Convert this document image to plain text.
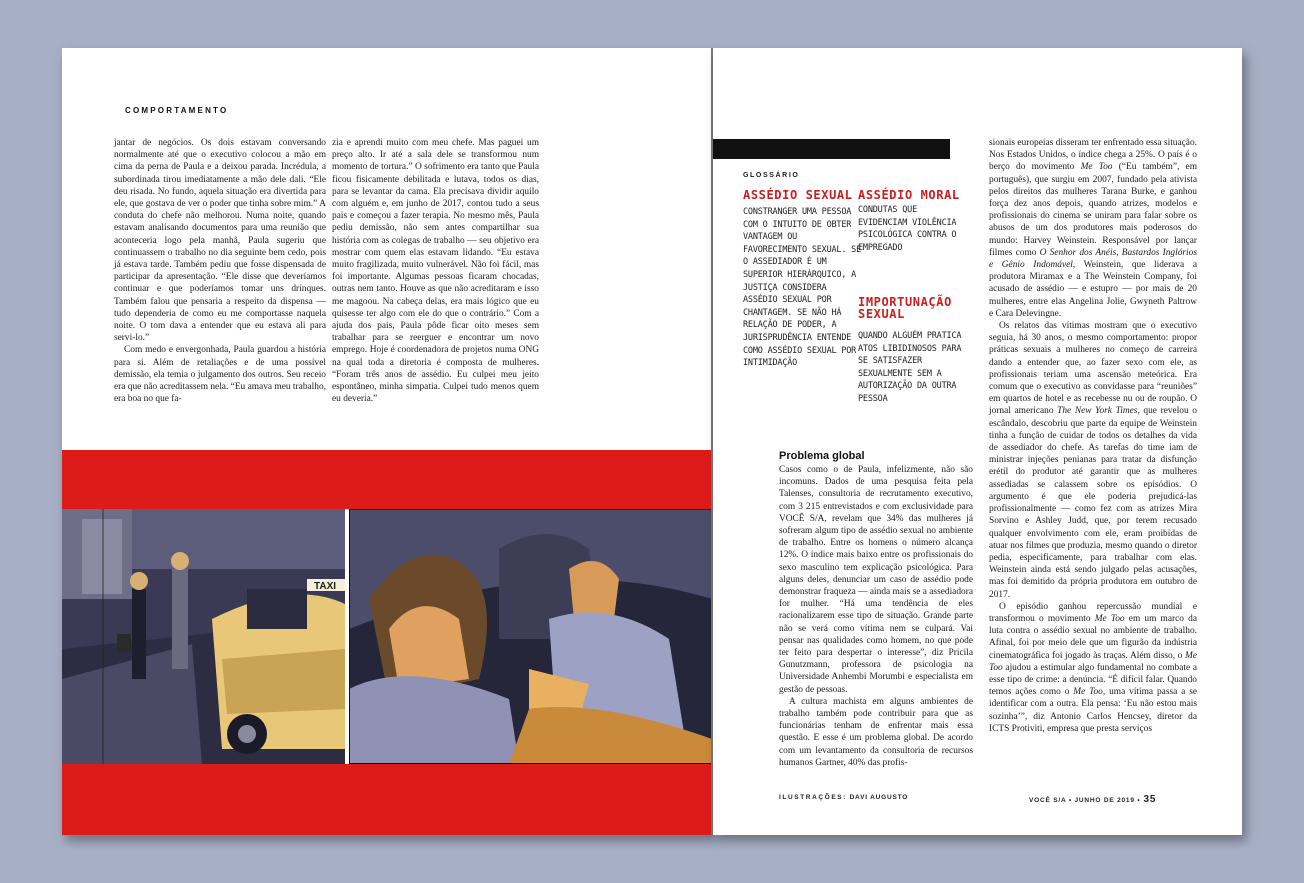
COMPORTAMENTO

jantar de negócios. Os dois estavam conversando normalmente até que o executivo colocou a mão em cima da perna de Paula e a deixou parada. Incrédula, a subordinada tirou imediatamente a mão dele dali. “Ele deu risada. No fundo, aquela situação era divertida para ele, que gostava de ver o poder que tinha sobre mim.” A conduta do chefe não melhorou. Numa noite, quando estavam analisando documentos para uma reunião que aconteceria logo pela manhã, Paula sugeriu que continuassem o trabalho no dia seguinte bem cedo, pois já estava tarde. Também pediu que fosse dispensada de participar da apresentação. “Ele disse que deveríamos continuar e que poderíamos tomar uns drinques. Também falou que pensaria a respeito da dispensa — tudo dependeria de como eu me comportasse naquela noite. O tom dava a entender que eu estava ali para servi-lo.”

Com medo e envergonhada, Paula guardou a história para si. Além de retaliações e de uma possível demissão, ela temia o julgamento dos outros. Seu receio era que não acreditassem nela. “Eu amava meu trabalho, era boa no que fa-

zia e aprendi muito com meu chefe. Mas paguei um preço alto. Ir até a sala dele se transformou num momento de tortura.” O sofrimento era tanto que Paula ficou fisicamente debilitada e lutava, todos os dias, para se levantar da cama. Ela precisava dividir aquilo com alguém e, em junho de 2017, contou tudo a seus pais e começou a fazer terapia. No mesmo mês, Paula pediu demissão, não sem antes compartilhar sua história com as colegas de trabalho — seu objetivo era mostrar com quem elas estavam lidando. “Eu estava muito fragilizada, muito vulnerável. Não foi fácil, mas foi importante. Algumas pessoas ficaram chocadas, outras nem tanto. Houve as que não acreditaram e isso me magoou. Na cabeça delas, era mais lógico que eu quisesse ter algo com ele do que o contrário.” Com a ajuda dos pais, Paula pôde ficar oito meses sem trabalhar para se reerguer e encontrar um novo emprego. Hoje é coordenadora de projetos numa ONG na qual toda a diretoria é composta de mulheres. “Foram três anos de assédio. Eu culpei meu jeito espontâneo, minha simpatia. Culpei tudo menos quem eu deveria.”

TAXI
GLOSSÁRIO
ASSÉDIO SEXUAL
CONSTRANGER UMA PESSOA COM O INTUITO DE OBTER VANTAGEM OU FAVORECIMENTO SEXUAL. SE O ASSEDIADOR É UM SUPERIOR HIERÁRQUICO, A JUSTIÇA CONSIDERA ASSÉDIO SEXUAL POR CHANTAGEM. SE NÃO HÁ RELAÇÃO DE PODER, A JURISPRUDÊNCIA ENTENDE COMO ASSÉDIO SEXUAL POR INTIMIDAÇÃO
ASSÉDIO MORAL
CONDUTAS QUE EVIDENCIAM VIOLÊNCIA PSICOLÓGICA CONTRA O EMPREGADO
IMPORTUNAÇÃO SEXUAL
QUANDO ALGUÉM PRATICA ATOS LIBIDINOSOS PARA SE SATISFAZER SEXUALMENTE SEM A AUTORIZAÇÃO DA OUTRA PESSOA

sionais europeias disseram ter enfrentado essa situação. Nos Estados Unidos, o índice chega a 25%. O país é o berço do movimento Me Too (“Eu também”, em português), que surgiu em 2007, fundado pela ativista pelos direitos das mulheres Tarana Burke, e ganhou força dez anos depois, quando atrizes, modelos e profissionais do cinema se uniram para falar sobre os abusos de um dos produtores mais poderosos do mundo: Harvey Weinstein. Responsável por lançar filmes como O Senhor dos Anéis, Bastardos Inglórios e Gênio Indomável, Weinstein, que liderava a produtora Miramax e a The Weinstein Company, foi acusado de assédio — e estupro — por mais de 20 mulheres, entre elas Angelina Jolie, Gwyneth Paltrow e Cara Delevingne.

Os relatos das vítimas mostram que o executivo seguia, há 30 anos, o mesmo comportamento: propor práticas sexuais a mulheres no começo de carreira dando a entender que, ao fazer sexo com ele, as profissionais teriam uma ascensão meteórica. Era comum que o executivo as convidasse para “reuniões” em quartos de hotel e as recebesse nu ou de roupão. O jornal americano The New York Times, que revelou o escândalo, descobriu que parte da equipe de Weinstein tinha a função de cuidar de todos os detalhes da vida de assediador do chefe. As tarefas do time iam de ministrar injeções penianas para tratar da disfunção erétil do produtor até garantir que as mulheres assediadas se calassem sobre os episódios. O argumento é que ele poderia prejudicá-las profissionalmente — como fez com as atrizes Mira Sorvino e Ashley Judd, que, por terem recusado qualquer envolvimento com ele, eram proibidas de atuar nos filmes que produzia, mesmo quando o diretor pedia, especificamente, para trabalhar com elas. Weinstein ainda está sendo julgado pelas acusações, mas foi demitido da própria produtora em outubro de 2017.

O episódio ganhou repercussão mundial e transformou o movimento Me Too em um marco da luta contra o assédio sexual no ambiente de trabalho. Afinal, foi por meio dele que um figurão da indústria cinematográfica foi jogado às traças. Além disso, o Me Too ajudou a estimular algo fundamental no combate a esse tipo de crime: a denúncia. “É difícil falar. Quando temos ações como o Me Too, uma vítima passa a se identificar com a outra. Ela pensa: ‘Eu não estou mais sozinha’”, diz Antonio Carlos Hencsey, diretor da ICTS Protiviti, empresa que presta serviços

Problema global

Casos como o de Paula, infelizmente, não são incomuns. Dados de uma pesquisa feita pela Talenses, consultoria de recrutamento executivo, com 3 215 entrevistados e com exclusividade para VOCÊ S/A, revelam que 34% das mulheres já sofreram algum tipo de assédio sexual no ambiente de trabalho. Entre os homens o número alcança 12%. O índice mais baixo entre os profissionais do sexo masculino tem explicação psicológica. Para alguns deles, denunciar um caso de assédio pode demonstrar fraqueza — ainda mais se a assediadora for mulher. “Há uma tendência de eles racionalizarem esse tipo de situação. Grande parte não se verá como vítima nem se culpará. Vai pensar nas qualidades como homem, no que pode ter feito para despertar o interesse”, diz Pricila Gunutzmann, professora de psicologia na Universidade Anhembi Morumbi e especialista em gestão de pessoas.

A cultura machista em alguns ambientes de trabalho também pode contribuir para que as funcionárias tenham de enfrentar mais essa questão. E esse é um problema global. De acordo com um levantamento da consultoria de recursos humanos Gartner, 40% das profis-

ILUSTRAÇÕES: DAVI AUGUSTO	VOCÊ S/A • JUNHO DE 2019 • 35
